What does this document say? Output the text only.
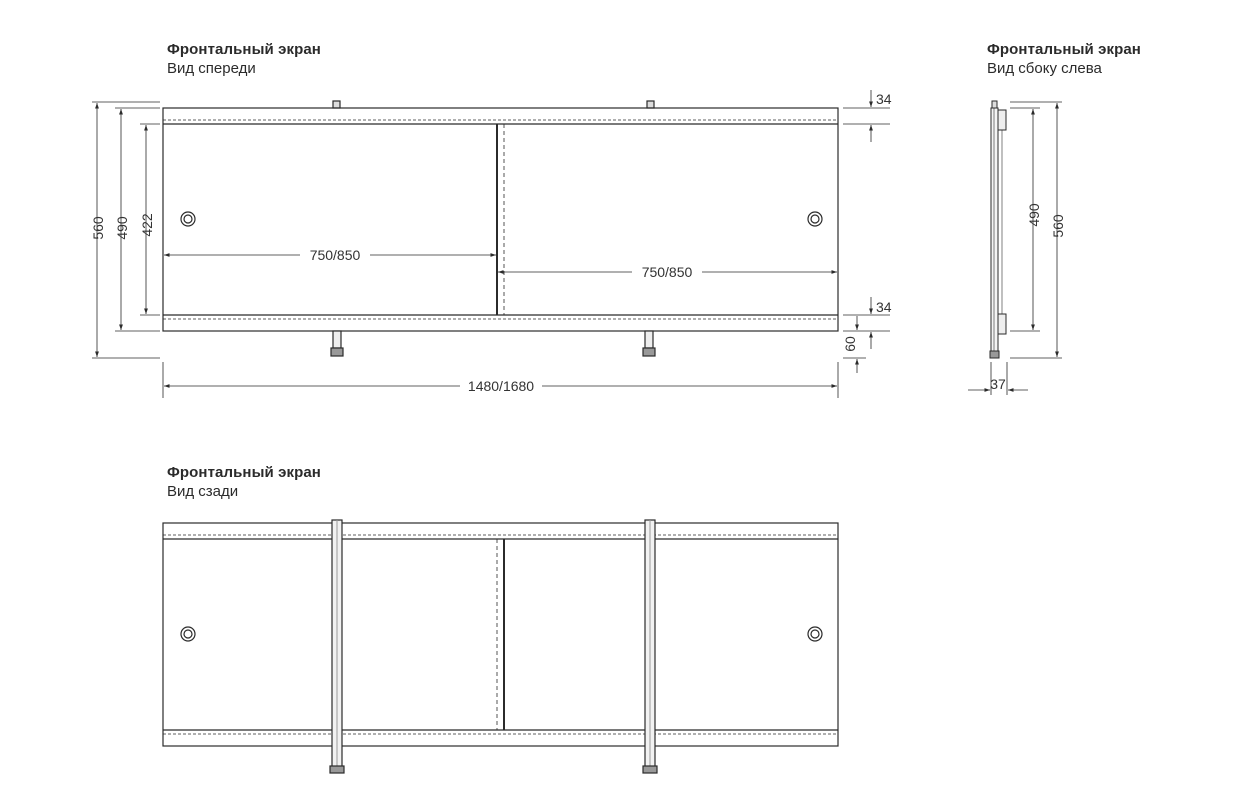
Фронтальный экран
Вид спереди
Фронтальный экран
Вид сбоку слева
Фронтальный экран
Вид сзади
560 490 422
750/850
750/850
1480/1680
34
34
60
490 560
37
